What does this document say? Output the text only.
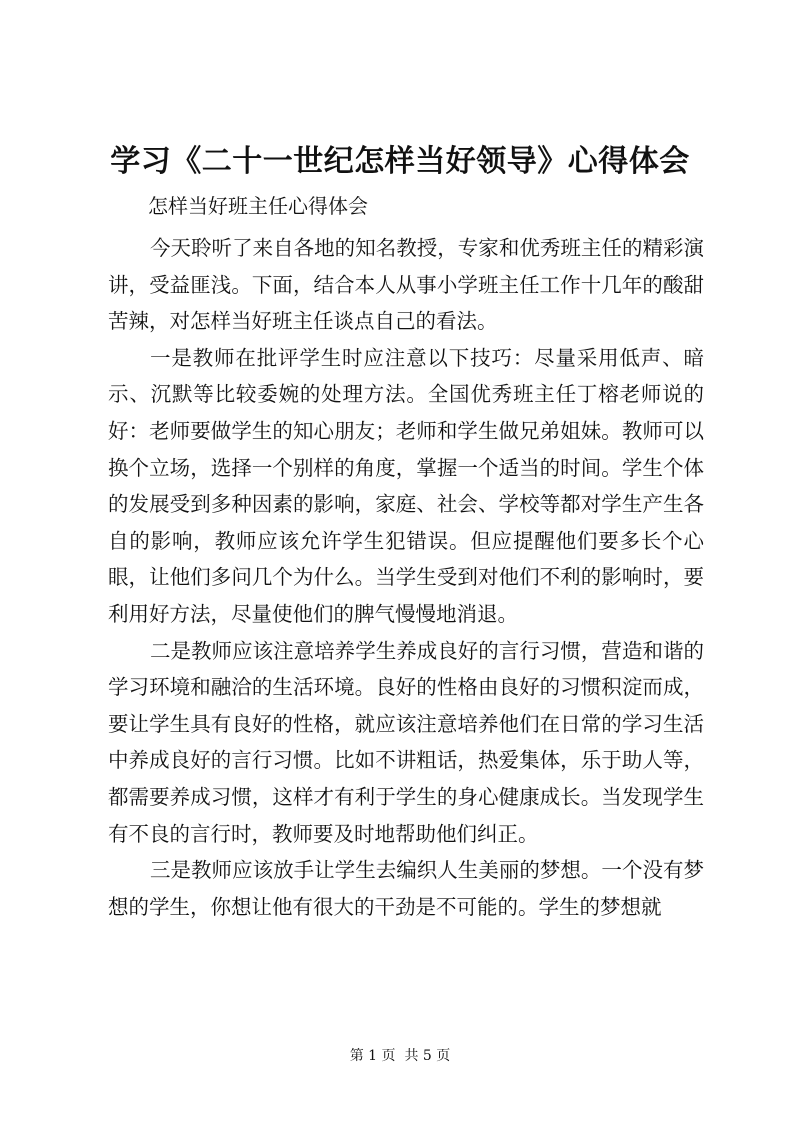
学习《二十一世纪怎样当好领导》心得体会

怎样当好班主任心得体会

今天聆听了来自各地的知名教授，专家和优秀班主任的精彩演讲，受益匪浅。下面，结合本人从事小学班主任工作十几年的酸甜苦辣，对怎样当好班主任谈点自己的看法。

一是教师在批评学生时应注意以下技巧：尽量采用低声、暗示、沉默等比较委婉的处理方法。全国优秀班主任丁榕老师说的好：老师要做学生的知心朋友；老师和学生做兄弟姐妹。教师可以换个立场，选择一个别样的角度，掌握一个适当的时间。学生个体的发展受到多种因素的影响，家庭、社会、学校等都对学生产生各自的影响，教师应该允许学生犯错误。但应提醒他们要多长个心眼，让他们多问几个为什么。当学生受到对他们不利的影响时，要利用好方法，尽量使他们的脾气慢慢地消退。

二是教师应该注意培养学生养成良好的言行习惯，营造和谐的学习环境和融洽的生活环境。良好的性格由良好的习惯积淀而成，要让学生具有良好的性格，就应该注意培养他们在日常的学习生活中养成良好的言行习惯。比如不讲粗话，热爱集体，乐于助人等，都需要养成习惯，这样才有利于学生的身心健康成长。当发现学生有不良的言行时，教师要及时地帮助他们纠正。

三是教师应该放手让学生去编织人生美丽的梦想。一个没有梦想的学生，你想让他有很大的干劲是不可能的。学生的梦想就

第 1 页  共 5 页
